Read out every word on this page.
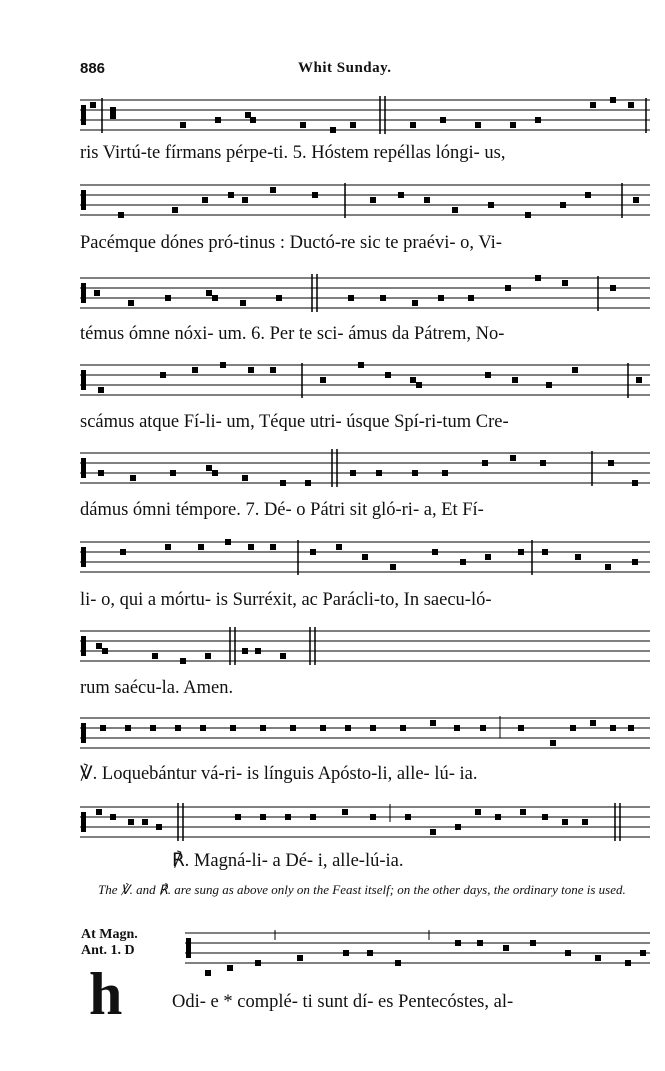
886	Whit Sunday.
ris Virtú-te fírmans pérpe-ti. 5. Hóstem repéllas lóngi- us,
Pacémque dónes pró-tinus : Ductó-re sic te praévi- o, Vi-
témus ómne nóxi- um. 6. Per te sci- ámus da Pátrem, No-
scámus atque Fí-li- um, Téque utri- úsque Spí-ri-tum Cre-
dámus ómni témpore. 7. Dé- o Pátri sit gló-ri- a, Et Fí-
li- o, qui a mórtu- is Surréxit, ac Parácli-to, In saecu-ló-
rum saécu-la. Amen.
℣. Loquebántur vá-ri- is línguis Apósto-li, alle- lú- ia.
℟. Magná-li- a Dé- i, alle-lú-ia.
The ℣. and ℟. are sung as above only on the Feast itself; on the other days, the ordinary tone is used.
At Magn.
Ant. 1. D
h	Odi- e * complé- ti sunt dí- es Pentecóstes, al-
